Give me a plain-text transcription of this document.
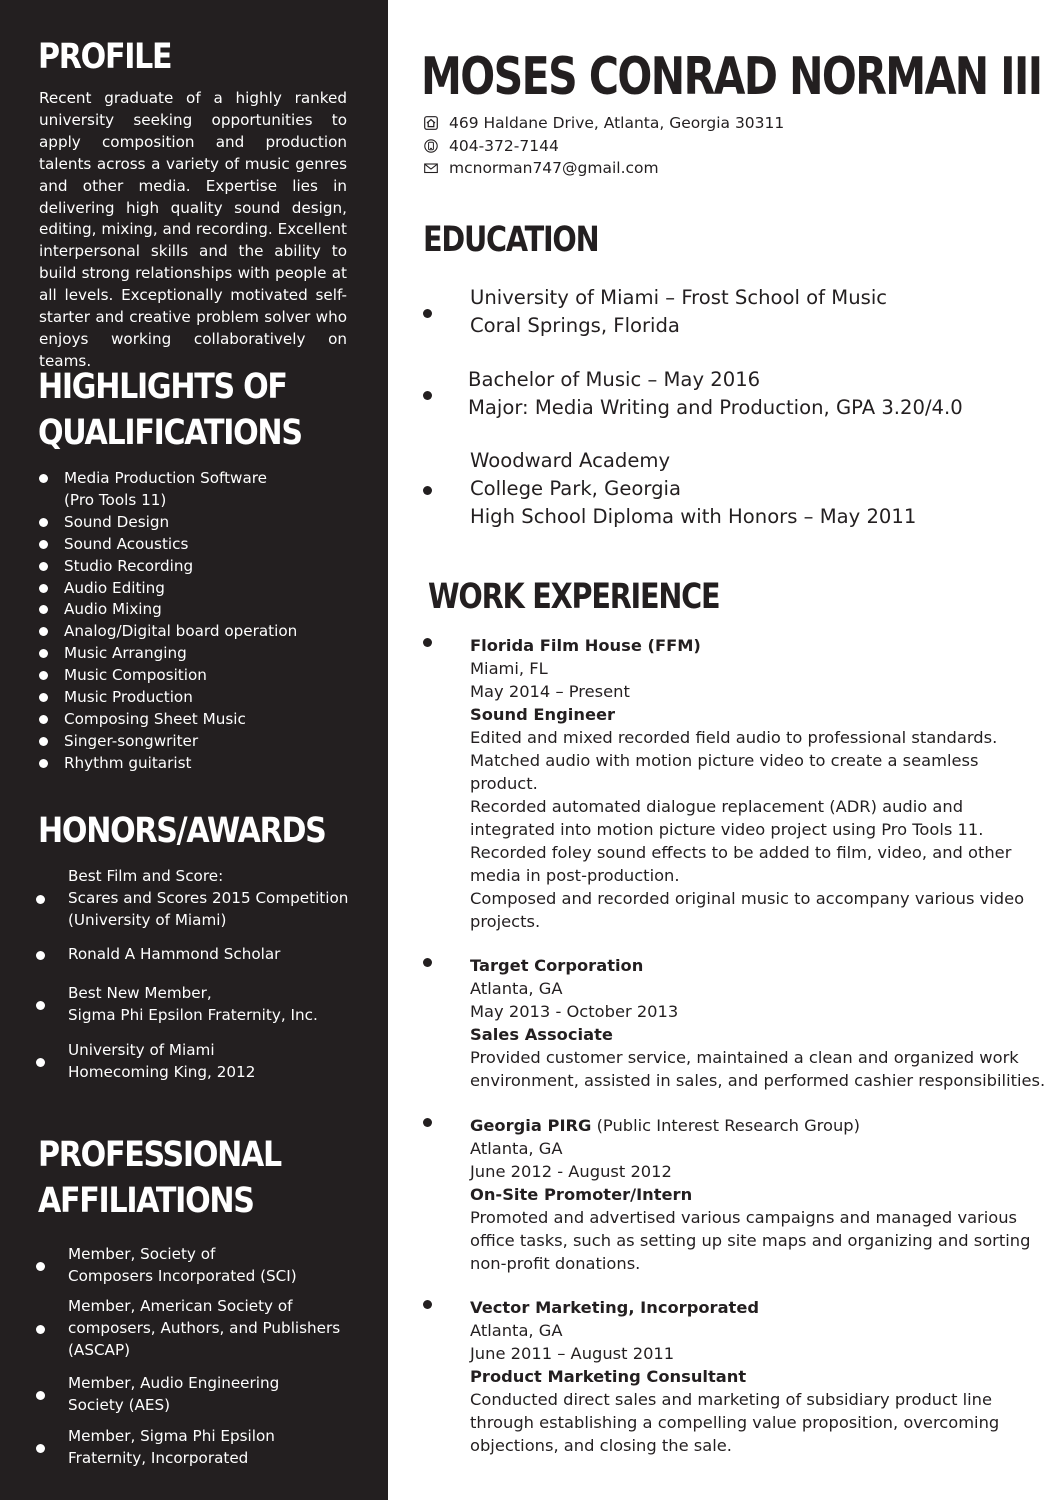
PROFILE

Recent graduate of a highly ranked university seeking opportunities to apply composition and production talents across a variety of music genres and other media. Expertise lies in delivering high quality sound design, editing, mixing, and recording. Excellent interpersonal skills and the ability to build strong relationships with people at all levels. Exceptionally motivated self-starter and creative problem solver who enjoys working collaboratively on teams.

HIGHLIGHTS OF
QUALIFICATIONS
Media Production Software
(Pro Tools 11)
Sound Design
Sound Acoustics
Studio Recording
Audio Editing
Audio Mixing
Analog/Digital board operation
Music Arranging
Music Composition
Music Production
Composing Sheet Music
Singer-songwriter
Rhythm guitarist
HONORS/AWARDS
Best Film and Score:
Scares and Scores 2015 Competition
(University of Miami)
Ronald A Hammond Scholar
Best New Member,
Sigma Phi Epsilon Fraternity, Inc.
University of Miami
Homecoming King, 2012
PROFESSIONAL
AFFILIATIONS
Member, Society of
Composers Incorporated (SCI)
Member, American Society of
composers, Authors, and Publishers
(ASCAP)
Member, Audio Engineering
Society (AES)
Member, Sigma Phi Epsilon
Fraternity, Incorporated
MOSES CONRAD NORMAN III
469 Haldane Drive, Atlanta, Georgia 30311
404-372-7144
mcnorman747@gmail.com
EDUCATION
University of Miami – Frost School of Music
Coral Springs, Florida
Bachelor of Music – May 2016
Major: Media Writing and Production, GPA 3.20/4.0
Woodward Academy
College Park, Georgia
High School Diploma with Honors – May 2011
WORK EXPERIENCE
Florida Film House (FFM)
Miami, FL
May 2014 – Present
Sound Engineer
Edited and mixed recorded field audio to professional standards.
Matched audio with motion picture video to create a seamless
product.
Recorded automated dialogue replacement (ADR) audio and
integrated into motion picture video project using Pro Tools 11.
Recorded foley sound effects to be added to film, video, and other
media in post-production.
Composed and recorded original music to accompany various video
projects.
Target Corporation
Atlanta, GA
May 2013 - October 2013
Sales Associate
Provided customer service, maintained a clean and organized work
environment, assisted in sales, and performed cashier responsibilities.
Georgia PIRG (Public Interest Research Group)
Atlanta, GA
June 2012 - August 2012
On-Site Promoter/Intern
Promoted and advertised various campaigns and managed various
office tasks, such as setting up site maps and organizing and sorting
non-profit donations.
Vector Marketing, Incorporated
Atlanta, GA
June 2011 – August 2011
Product Marketing Consultant
Conducted direct sales and marketing of subsidiary product line
through establishing a compelling value proposition, overcoming
objections, and closing the sale.
